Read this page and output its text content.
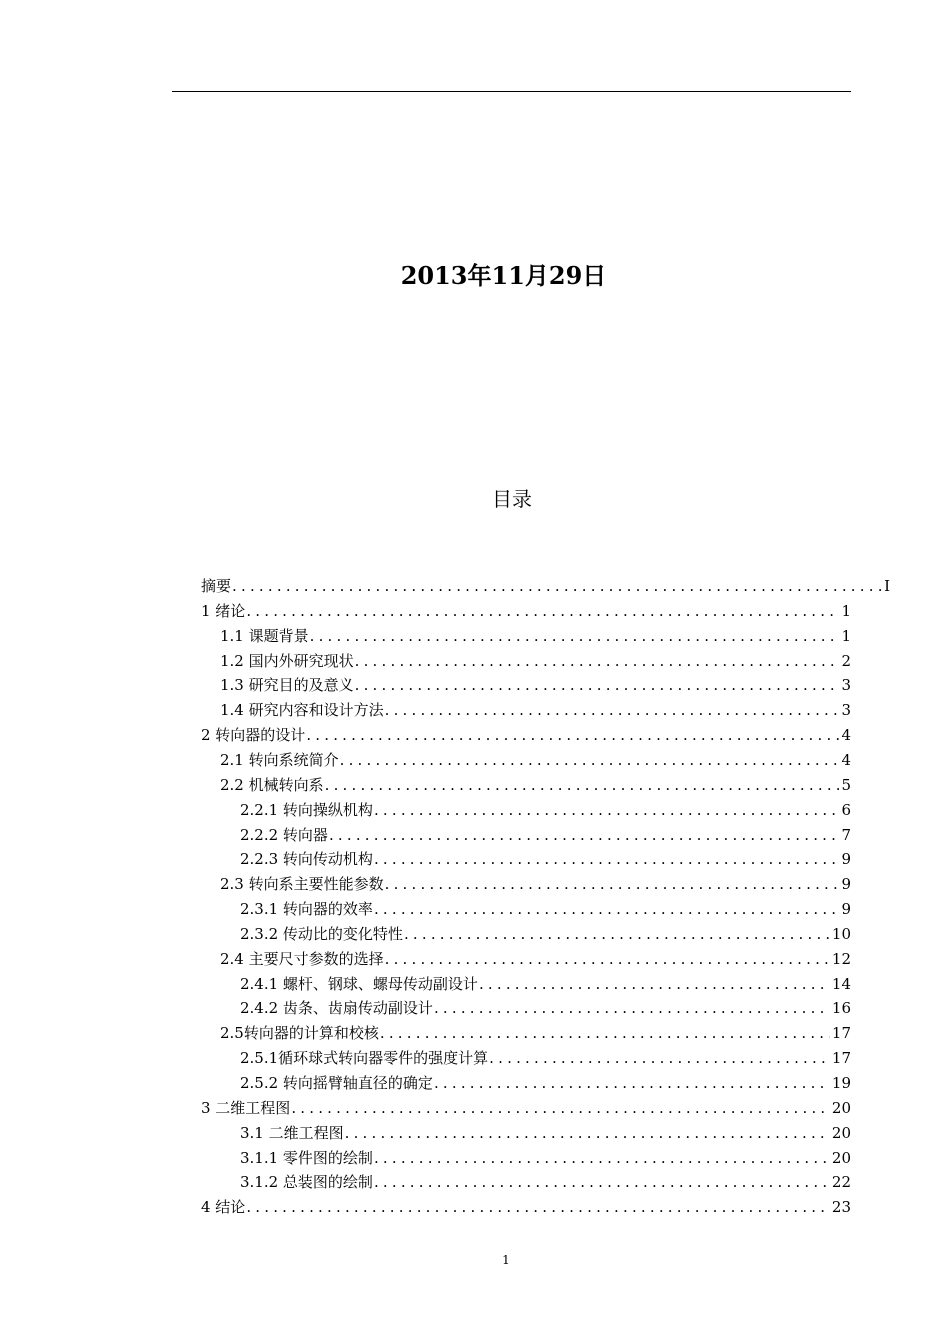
2013年11月29日
目录
摘要 .....	I
1 绪论 .....	1
1.1 课题背景 .....	1
1.2 国内外研究现状 .....	2
1.3 研究目的及意义 .....	3
1.4 研究内容和设计方法 .....	3
2 转向器的设计 .....	4
2.1 转向系统简介 .....	4
2.2 机械转向系 .....	5
2.2.1 转向操纵机构 .....	6
2.2.2 转向器 .....	7
2.2.3 转向传动机构 .....	9
2.3 转向系主要性能参数 .....	9
2.3.1 转向器的效率 .....	9
2.3.2 传动比的变化特性 .....	10
2.4 主要尺寸参数的选择 .....	12
2.4.1 螺杆、钢球、螺母传动副设计 .....	14
2.4.2 齿条、齿扇传动副设计 .....	16
2.5转向器的计算和校核 .....	17
2.5.1循环球式转向器零件的强度计算 .....	17
2.5.2 转向摇臂轴直径的确定 .....	19
3 二维工程图 .....	20
3.1 二维工程图 .....	20
3.1.1 零件图的绘制 .....	20
3.1.2 总装图的绘制 .....	22
4 结论 .....	23
1
